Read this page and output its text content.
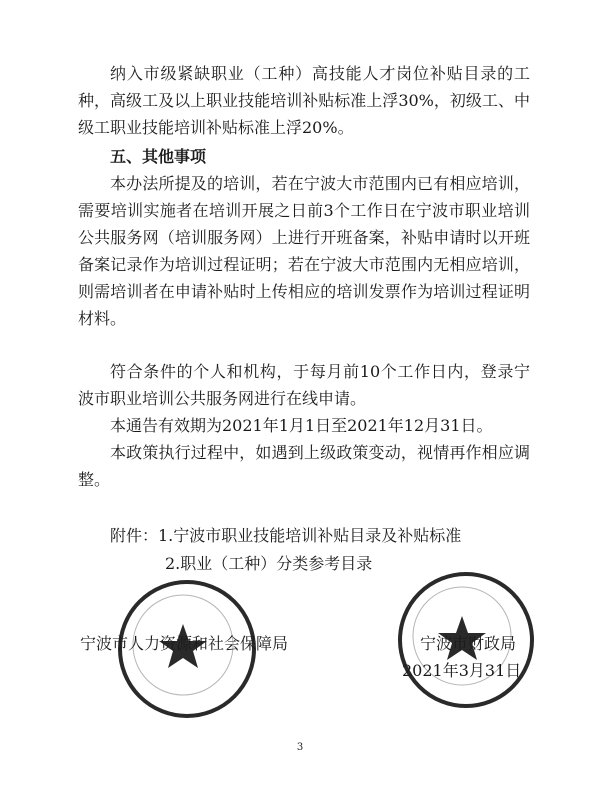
纳入市级紧缺职业（工种）高技能人才岗位补贴目录的工种，高级工及以上职业技能培训补贴标准上浮30%，初级工、中级工职业技能培训补贴标准上浮20%。
五、其他事项
本办法所提及的培训，若在宁波大市范围内已有相应培训，需要培训实施者在培训开展之日前3个工作日在宁波市职业培训公共服务网（培训服务网）上进行开班备案，补贴申请时以开班备案记录作为培训过程证明；若在宁波大市范围内无相应培训，则需培训者在申请补贴时上传相应的培训发票作为培训过程证明材料。
符合条件的个人和机构，于每月前10个工作日内，登录宁波市职业培训公共服务网进行在线申请。
本通告有效期为2021年1月1日至2021年12月31日。
本政策执行过程中，如遇到上级政策变动，视情再作相应调整。
附件：1.宁波市职业技能培训补贴目录及补贴标准
2.职业（工种）分类参考目录
宁波市人力资源和社会保障局	宁波市财政局
2021年3月31日
3
